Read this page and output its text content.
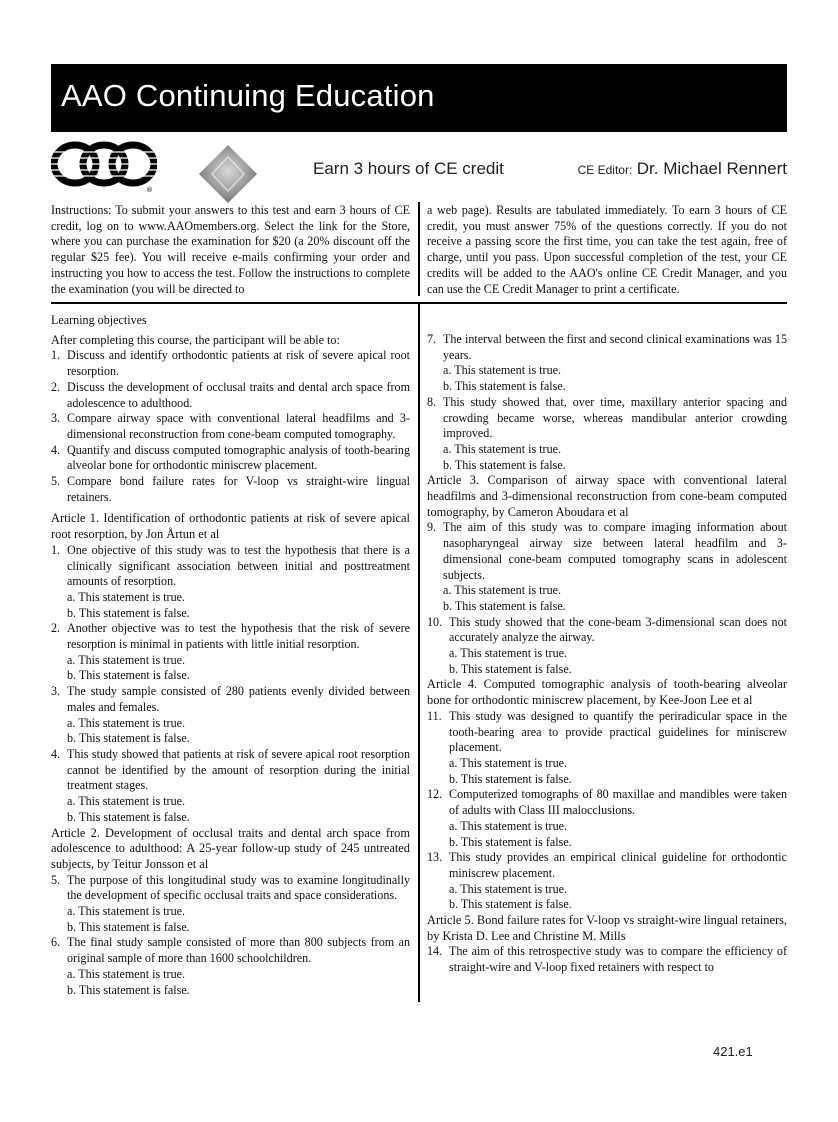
AAO Continuing Education
®
Earn 3 hours of CE credit	CE Editor: Dr. Michael Rennert

Instructions: To submit your answers to this test and earn 3 hours of CE credit, log on to www.AAOmembers.org. Select the link for the Store, where you can purchase the examination for $20 (a 20% discount off the regular $25 fee). You will receive e-mails confirming your order and instructing you how to access the test. Follow the instructions to complete the examination (you will be directed to

a web page). Results are tabulated immediately. To earn 3 hours of CE credit, you must answer 75% of the questions correctly. If you do not receive a passing score the first time, you can take the test again, free of charge, until you pass. Upon successful completion of the test, your CE credits will be added to the AAO's online CE Credit Manager, and you can use the CE Credit Manager to print a certificate.

Learning objectives

After completing this course, the participant will be able to:

1. Discuss and identify orthodontic patients at risk of severe apical root resorption.
2. Discuss the development of occlusal traits and dental arch space from adolescence to adulthood.
3. Compare airway space with conventional lateral headfilms and 3-dimensional reconstruction from cone-beam computed tomography.
4. Quantify and discuss computed tomographic analysis of tooth-bearing alveolar bone for orthodontic miniscrew placement.
5. Compare bond failure rates for V-loop vs straight-wire lingual retainers.

Article 1. Identification of orthodontic patients at risk of severe apical root resorption, by Jon Årtun et al

1. One objective of this study was to test the hypothesis that there is a clinically significant association between initial and posttreatment amounts of resorption.
a. This statement is true.
b. This statement is false.
2. Another objective was to test the hypothesis that the risk of severe resorption is minimal in patients with little initial resorption.
a. This statement is true.
b. This statement is false.
3. The study sample consisted of 280 patients evenly divided between males and females.
a. This statement is true.
b. This statement is false.
4. This study showed that patients at risk of severe apical root resorption cannot be identified by the amount of resorption during the initial treatment stages.
a. This statement is true.
b. This statement is false.

Article 2. Development of occlusal traits and dental arch space from adolescence to adulthood: A 25-year follow-up study of 245 untreated subjects, by Teitur Jonsson et al

5. The purpose of this longitudinal study was to examine longitudinally the development of specific occlusal traits and space considerations.
a. This statement is true.
b. This statement is false.
6. The final study sample consisted of more than 800 subjects from an original sample of more than 1600 schoolchildren.
a. This statement is true.
b. This statement is false.
7. The interval between the first and second clinical examinations was 15 years.
a. This statement is true.
b. This statement is false.
8. This study showed that, over time, maxillary anterior spacing and crowding became worse, whereas mandibular anterior crowding improved.
a. This statement is true.
b. This statement is false.

Article 3. Comparison of airway space with conventional lateral headfilms and 3-dimensional reconstruction from cone-beam computed tomography, by Cameron Aboudara et al

9. The aim of this study was to compare imaging information about nasopharyngeal airway size between lateral headfilm and 3-dimensional cone-beam computed tomography scans in adolescent subjects.
a. This statement is true.
b. This statement is false.
10. This study showed that the cone-beam 3-dimensional scan does not accurately analyze the airway.
a. This statement is true.
b. This statement is false.

Article 4. Computed tomographic analysis of tooth-bearing alveolar bone for orthodontic miniscrew placement, by Kee-Joon Lee et al

11. This study was designed to quantify the periradicular space in the tooth-bearing area to provide practical guidelines for miniscrew placement.
a. This statement is true.
b. This statement is false.
12. Computerized tomographs of 80 maxillae and mandibles were taken of adults with Class III malocclusions.
a. This statement is true.
b. This statement is false.
13. This study provides an empirical clinical guideline for orthodontic miniscrew placement.
a. This statement is true.
b. This statement is false.

Article 5. Bond failure rates for V-loop vs straight-wire lingual retainers, by Krista D. Lee and Christine M. Mills

14. The aim of this retrospective study was to compare the efficiency of straight-wire and V-loop fixed retainers with respect to
421.e1
